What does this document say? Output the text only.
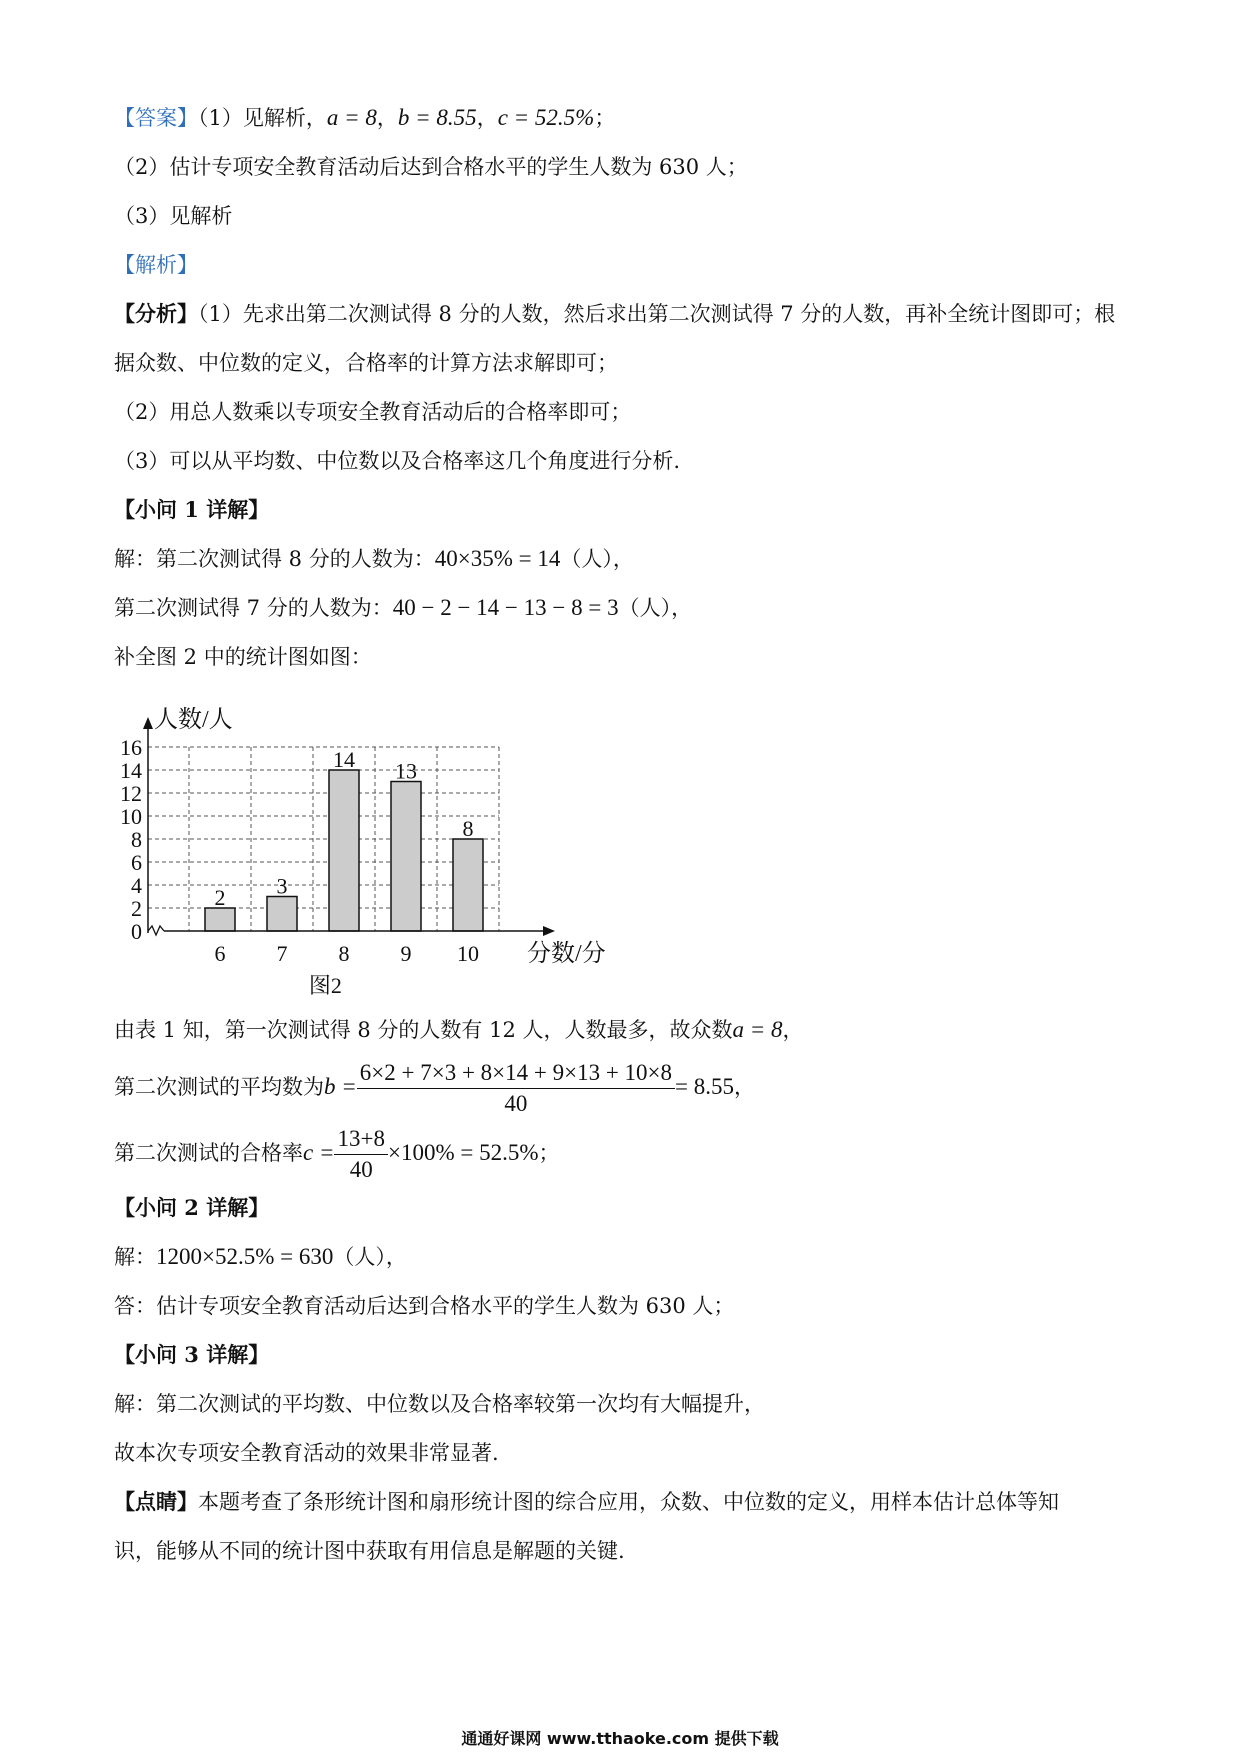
【答案】（1）见解析，a = 8，b = 8.55，c = 52.5%；
（2）估计专项安全教育活动后达到合格水平的学生人数为 630 人；
（3）见解析
【解析】
【分析】（1）先求出第二次测试得 8 分的人数，然后求出第二次测试得 7 分的人数，再补全统计图即可；根
据众数、中位数的定义，合格率的计算方法求解即可；
（2）用总人数乘以专项安全教育活动后的合格率即可；
（3）可以从平均数、中位数以及合格率这几个角度进行分析.
【小问 1 详解】
解：第二次测试得 8 分的人数为：40×35% = 14（人），
第二次测试得 7 分的人数为：40 − 2 − 14 − 13 − 8 = 3（人），
补全图 2 中的统计图如图：
0
2
4
6
8
10
12
14
16
2
6
3
7
14
8
13
9
8
10
人数/人
分数/分
图2
由表 1 知，第一次测试得 8 分的人数有 12 人，人数最多，故众数a = 8，
第二次测试的平均数为$b = \frac{6\times 2 + 7\times 3 + 8\times 14 + 9\times 13 + 10\times 8}{40} = 8.55$，
第二次测试的合格率$c = \frac{13+8}{40} \times 100\% = 52.5\%$；
【小问 2 详解】
解：1200×52.5% = 630（人），
答：估计专项安全教育活动后达到合格水平的学生人数为 630 人；
【小问 3 详解】
解：第二次测试的平均数、中位数以及合格率较第一次均有大幅提升，
故本次专项安全教育活动的效果非常显著.
【点睛】本题考查了条形统计图和扇形统计图的综合应用，众数、中位数的定义，用样本估计总体等知
识，能够从不同的统计图中获取有用信息是解题的关键.
通通好课网 www.tthaoke.com 提供下载
